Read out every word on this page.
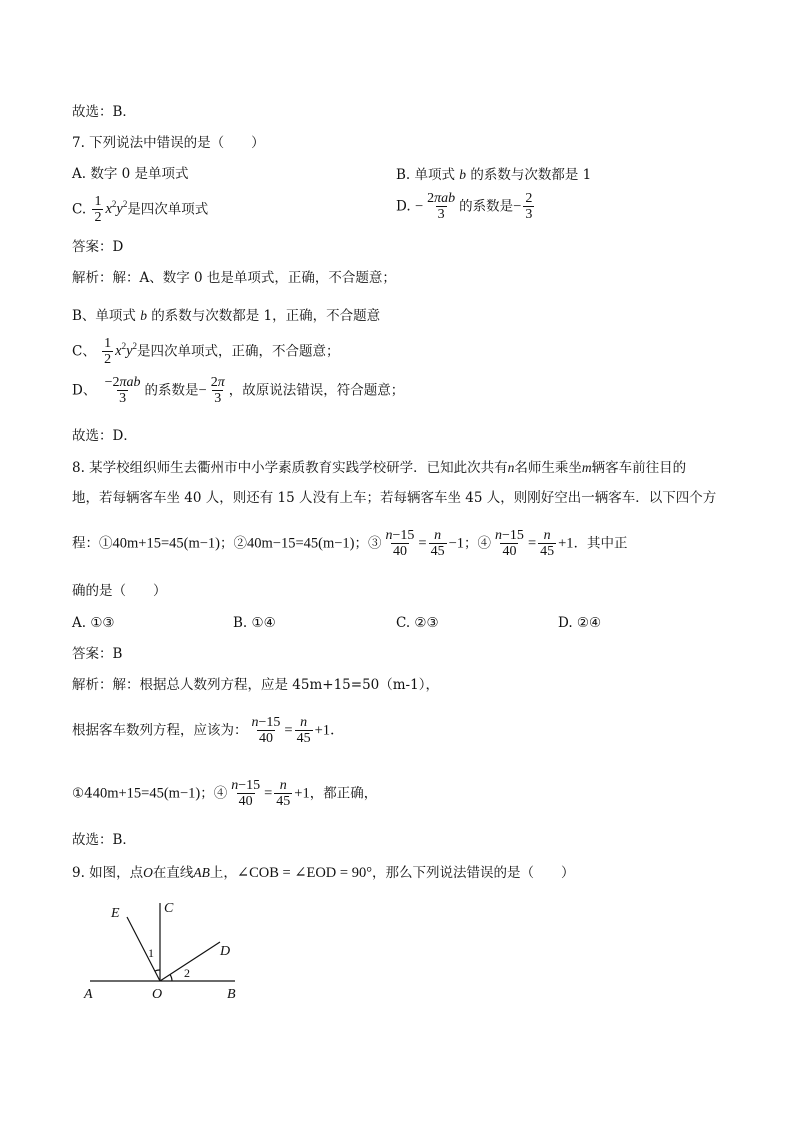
故选：B．
7. 下列说法中错误的是（　　）
A. 数字 0 是单项式	B. 单项式 b 的系数与次数都是 1
C. $\frac{1}{2} x^2y^2$是四次单项式	D. − $\frac{\text{2πab}}{3}$ 的系数是− $\frac{2}{3}$
答案：D
解析：解：A、数字 0 也是单项式，正确，不合题意；
B、单项式 b 的系数与次数都是 1，正确，不合题意
C、 $\frac{1}{2} x^2y^2$是四次单项式，正确，不合题意；
D、 $\frac{\text{−2πab}}{3}$ 的系数是− $\frac{2\pi}{3}$ ，故原说法错误，符合题意；
故选：D．
8. 某学校组织师生去衢州市中小学素质教育实践学校研学．已知此次共有n名师生乘坐m辆客车前往目的
地，若每辆客车坐 40 人，则还有 15 人没有上车；若每辆客车坐 45 人，则刚好空出一辆客车．以下四个方
程：①40m+15=45(m−1)；②40m−15=45(m−1)；③ $\frac{n-15}{40} = \frac{n}{45} -1$；④ $\frac{n-15}{40} = \frac{n}{45} +1$．其中正
确的是（　　）
A. ①③	B. ①④	C. ②③	D. ②④
答案：B
解析：解：根据总人数列方程，应是 45m+15=50（m-1），
根据客车数列方程，应该为： $\frac{n-15}{40} = \frac{n}{45} +1$．
①440m+15=45(m−1)；④ $\frac{n-15}{40} = \frac{n}{45} +1$，都正确，
故选：B．
9. 如图，点O在直线AB上，∠COB = ∠EOD = 90°，那么下列说法错误的是（　　）
E	C
D
A	O	B
1
2
